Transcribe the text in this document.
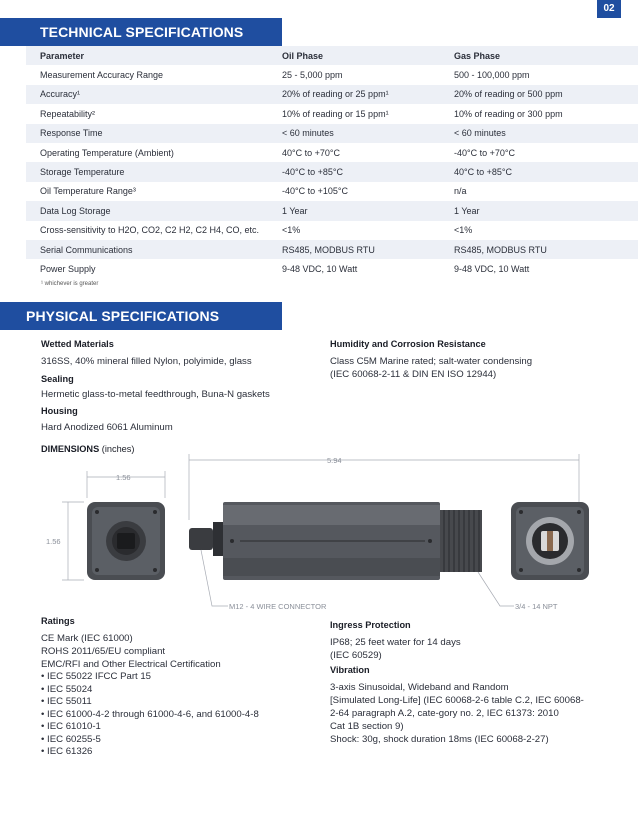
02
TECHNICAL SPECIFICATIONS
Parameter	Oil Phase	Gas Phase
Measurement Accuracy Range	25 - 5,000 ppm	500 - 100,000 ppm
Accuracy¹	20% of reading or 25 ppm¹	20% of reading or 500 ppm
Repeatability²	10% of reading or 15 ppm¹	10% of reading or 300 ppm
Response Time	< 60 minutes	< 60 minutes
Operating Temperature (Ambient)	40°C to +70°C	-40°C to +70°C
Storage Temperature	-40°C to +85°C	40°C to +85°C
Oil Temperature Range³	-40°C to +105°C	n/a
Data Log Storage	1 Year	1 Year
Cross-sensitivity to H2O, CO2, C2 H2, C2 H4, CO, etc.	<1%	<1%
Serial Communications	RS485, MODBUS RTU	RS485, MODBUS RTU
Power Supply	9-48 VDC, 10 Watt	9-48 VDC, 10 Watt
¹ whichever is greater
PHYSICAL SPECIFICATIONS
Wetted Materials
316SS, 40% mineral filled Nylon, polyimide, glass
Sealing
Hermetic glass-to-metal feedthrough, Buna-N gaskets
Housing
Hard Anodized 6061 Aluminum
Humidity and Corrosion Resistance
Class C5M Marine rated; salt-water condensing
(IEC 60068-2-11 & DIN EN ISO 12944)
DIMENSIONS (inches)
1.56
5.94
1.56
M12 - 4 WIRE CONNECTOR	3/4 - 14 NPT
Ratings
CE Mark (IEC 61000)
ROHS 2011/65/EU compliant
EMC/RFI and Other Electrical Certification
• IEC 55022 IFCC Part 15
• IEC 55024
• IEC 55011
• IEC 61000-4-2 through 61000-4-6, and 61000-4-8
• IEC 61010-1
• IEC 60255-5
• IEC 61326
Ingress Protection
IP68; 25 feet water for 14 days
(IEC 60529)
Vibration
3-axis Sinusoidal, Wideband and Random
[Simulated Long-Life] (IEC 60068-2-6 table C.2, IEC 60068-
2-64 paragraph A.2, cate-gory no. 2, IEC 61373: 2010
Cat 1B section 9)
Shock: 30g, shock duration 18ms (IEC 60068-2-27)
